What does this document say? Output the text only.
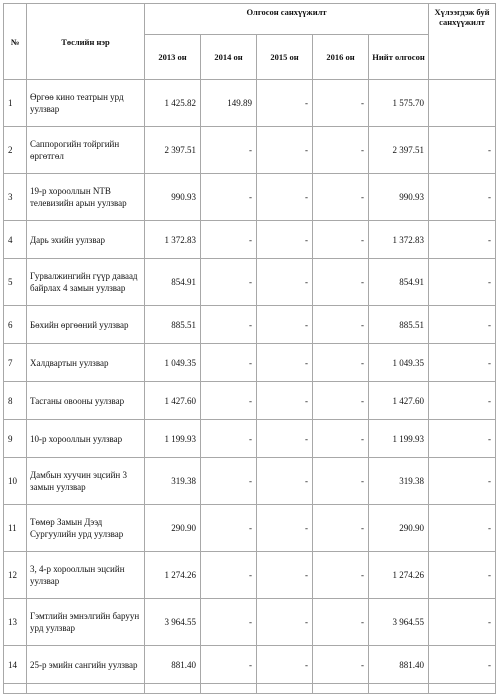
№	Төслийн нэр	Олгосон санхүүжилт					Хүлээгдэж буй санхүүжилт
		2013 он	2014 он	2015 он	2016 он	Нийт олгосон	
1	Өргөө кино театрын урд уулзвар	1 425.82	149.89	-	-	1 575.70	
2	Саппорогийн тойргийн өргөтгөл	2 397.51	-	-	-	2 397.51	-
3	19-р хорооллын NTB телевизийн арын уулзвар	990.93	-	-	-	990.93	-
4	Дарь эхийн уулзвар	1 372.83	-	-	-	1 372.83	-
5	Гурвалжингийн гүүр даваад байрлах 4 замын уулзвар	854.91	-	-	-	854.91	-
6	Бөхийн өргөөний уулзвар	885.51	-	-	-	885.51	-
7	Халдвартын уулзвар	1 049.35	-	-	-	1 049.35	-
8	Тасганы овооны уулзвар	1 427.60	-	-	-	1 427.60	-
9	10-р хорооллын уулзвар	1 199.93	-	-	-	1 199.93	-
10	Дамбын хуучин эцсийн 3 замын уулзвар	319.38	-	-	-	319.38	-
11	Төмөр Замын Дээд Сургуулийн урд уулзвар	290.90	-	-	-	290.90	-
12	3, 4-р хорооллын эцсийн уулзвар	1 274.26	-	-	-	1 274.26	-
13	Гэмтлийн эмнэлгийн баруун урд уулзвар	3 964.55	-	-	-	3 964.55	-
14	25-р эмийн сангийн уулзвар	881.40	-	-	-	881.40	-
